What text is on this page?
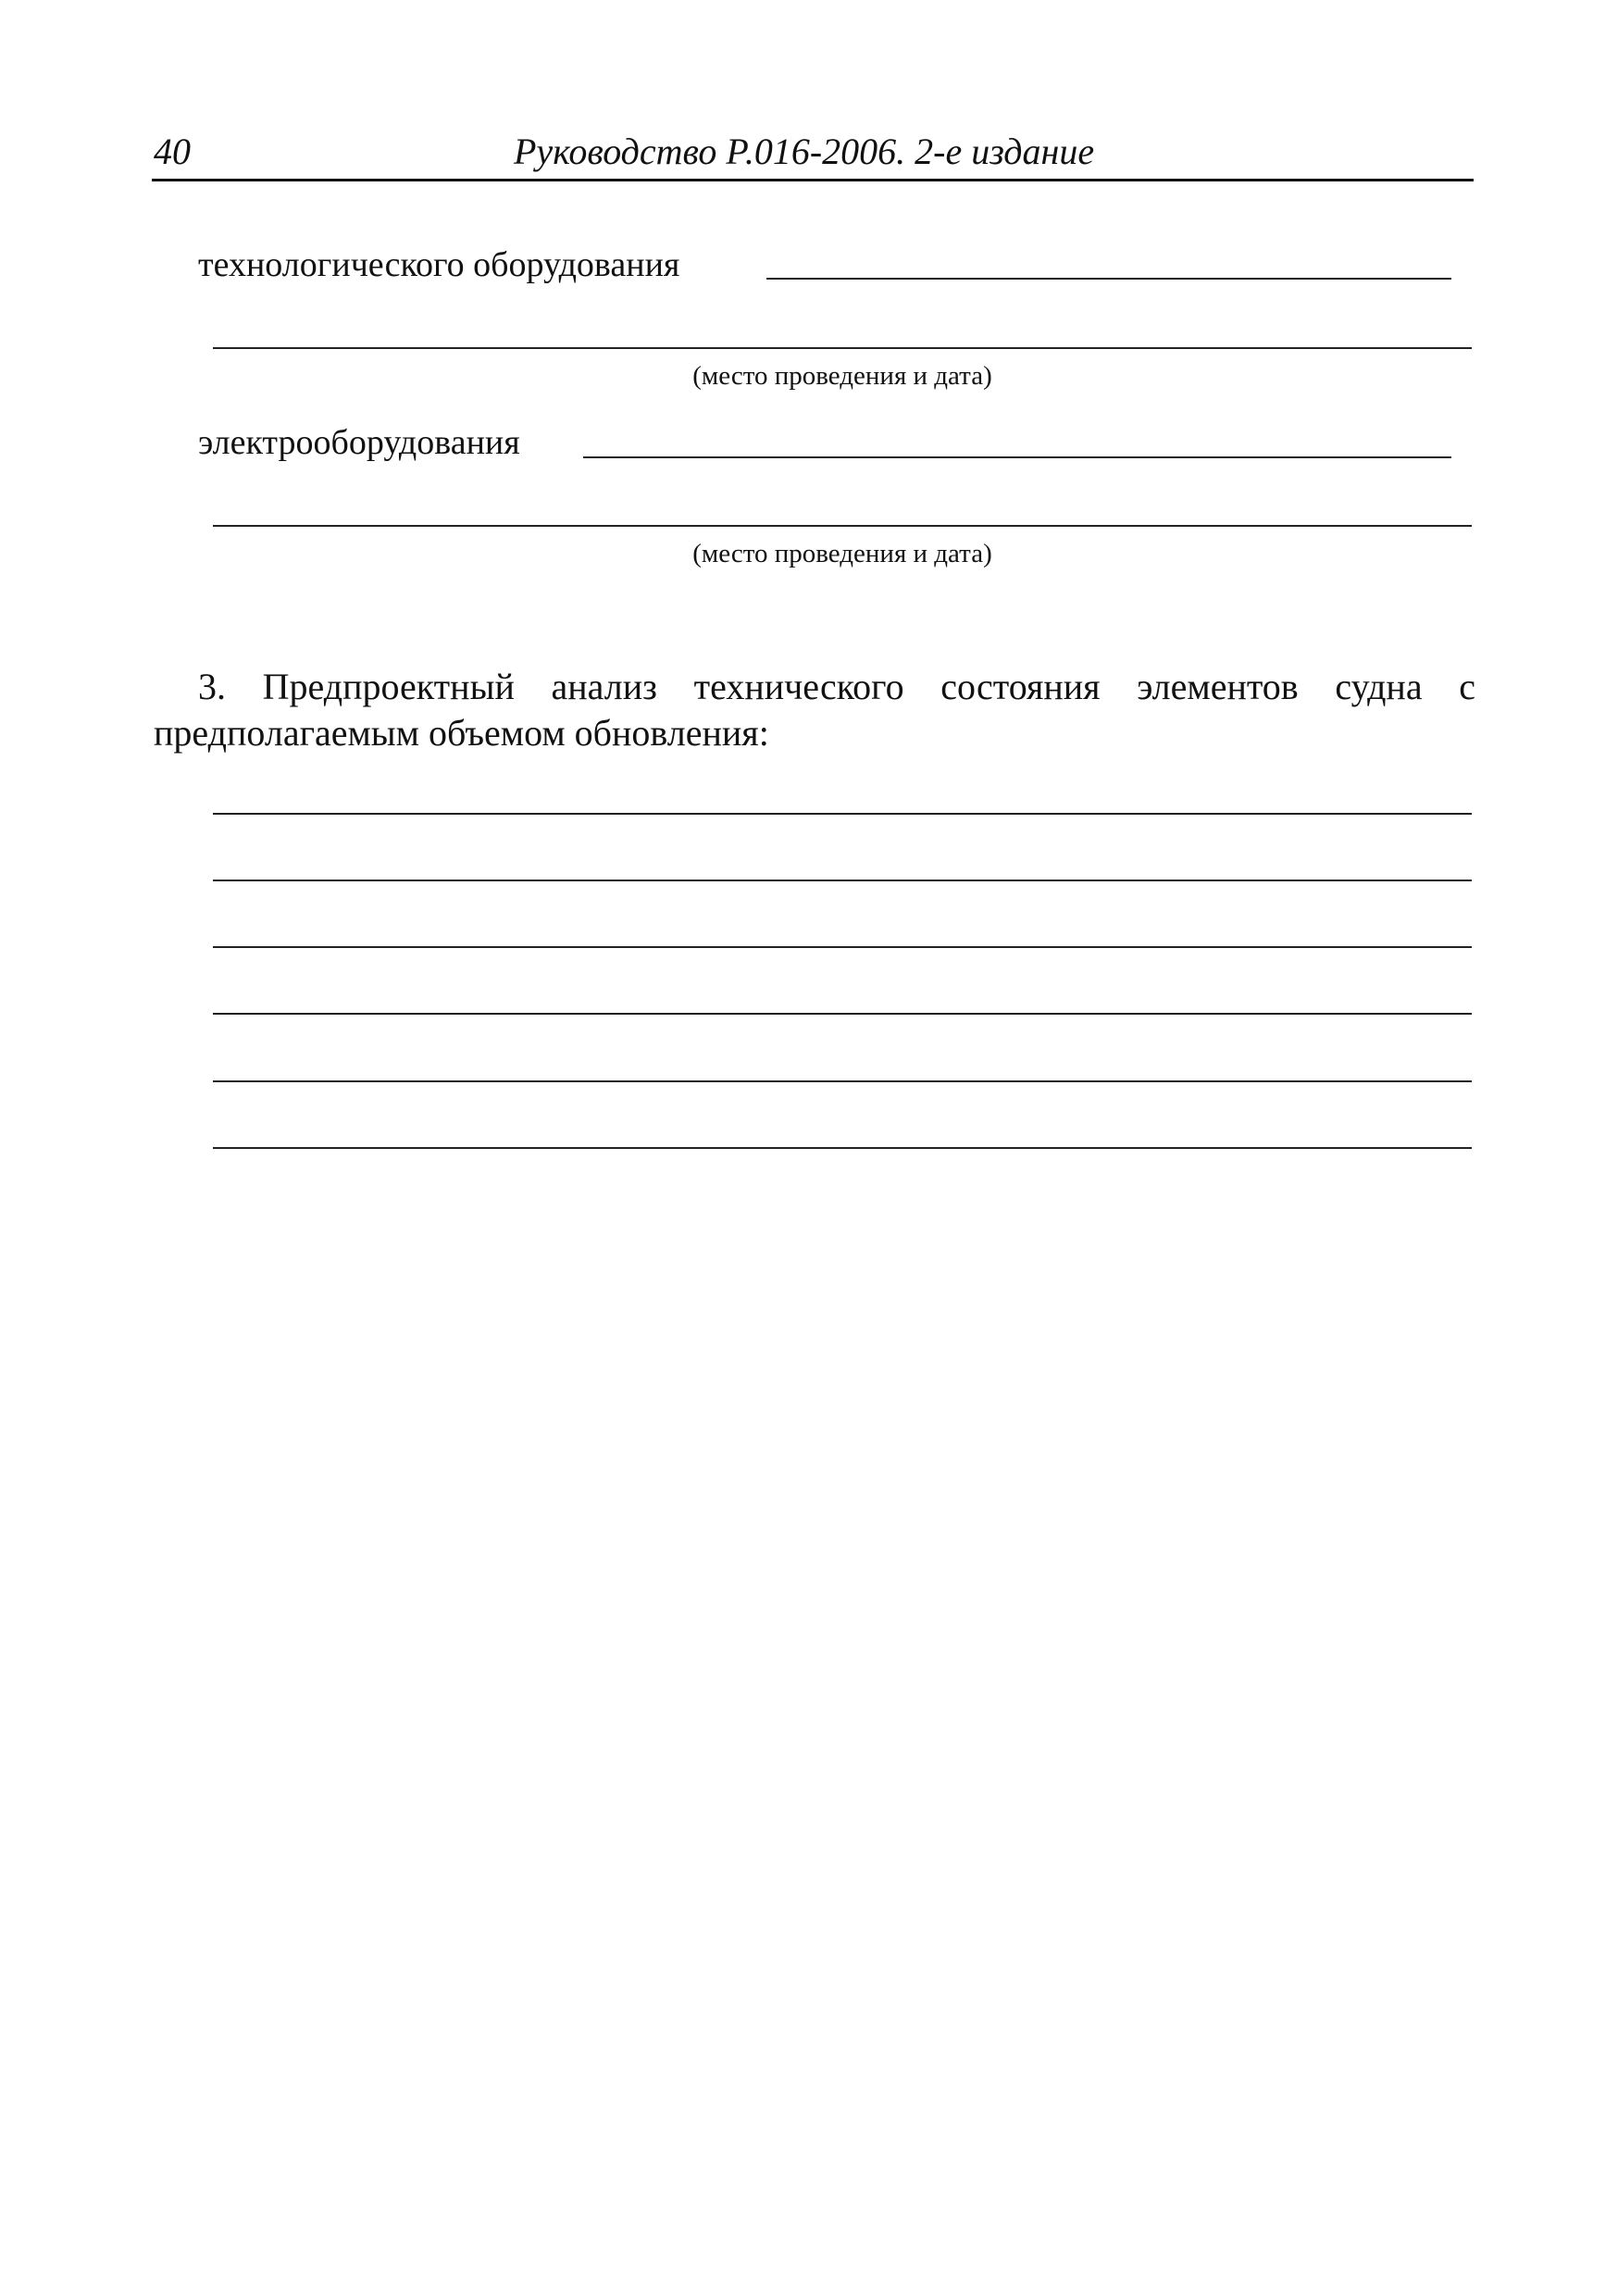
40	Руководство Р.016-2006. 2-е издание
технологического оборудования
(место проведения и дата)
электрооборудования
(место проведения и дата)
3. Предпроектный анализ технического состояния элементов судна с
предполагаемым объемом обновления:
